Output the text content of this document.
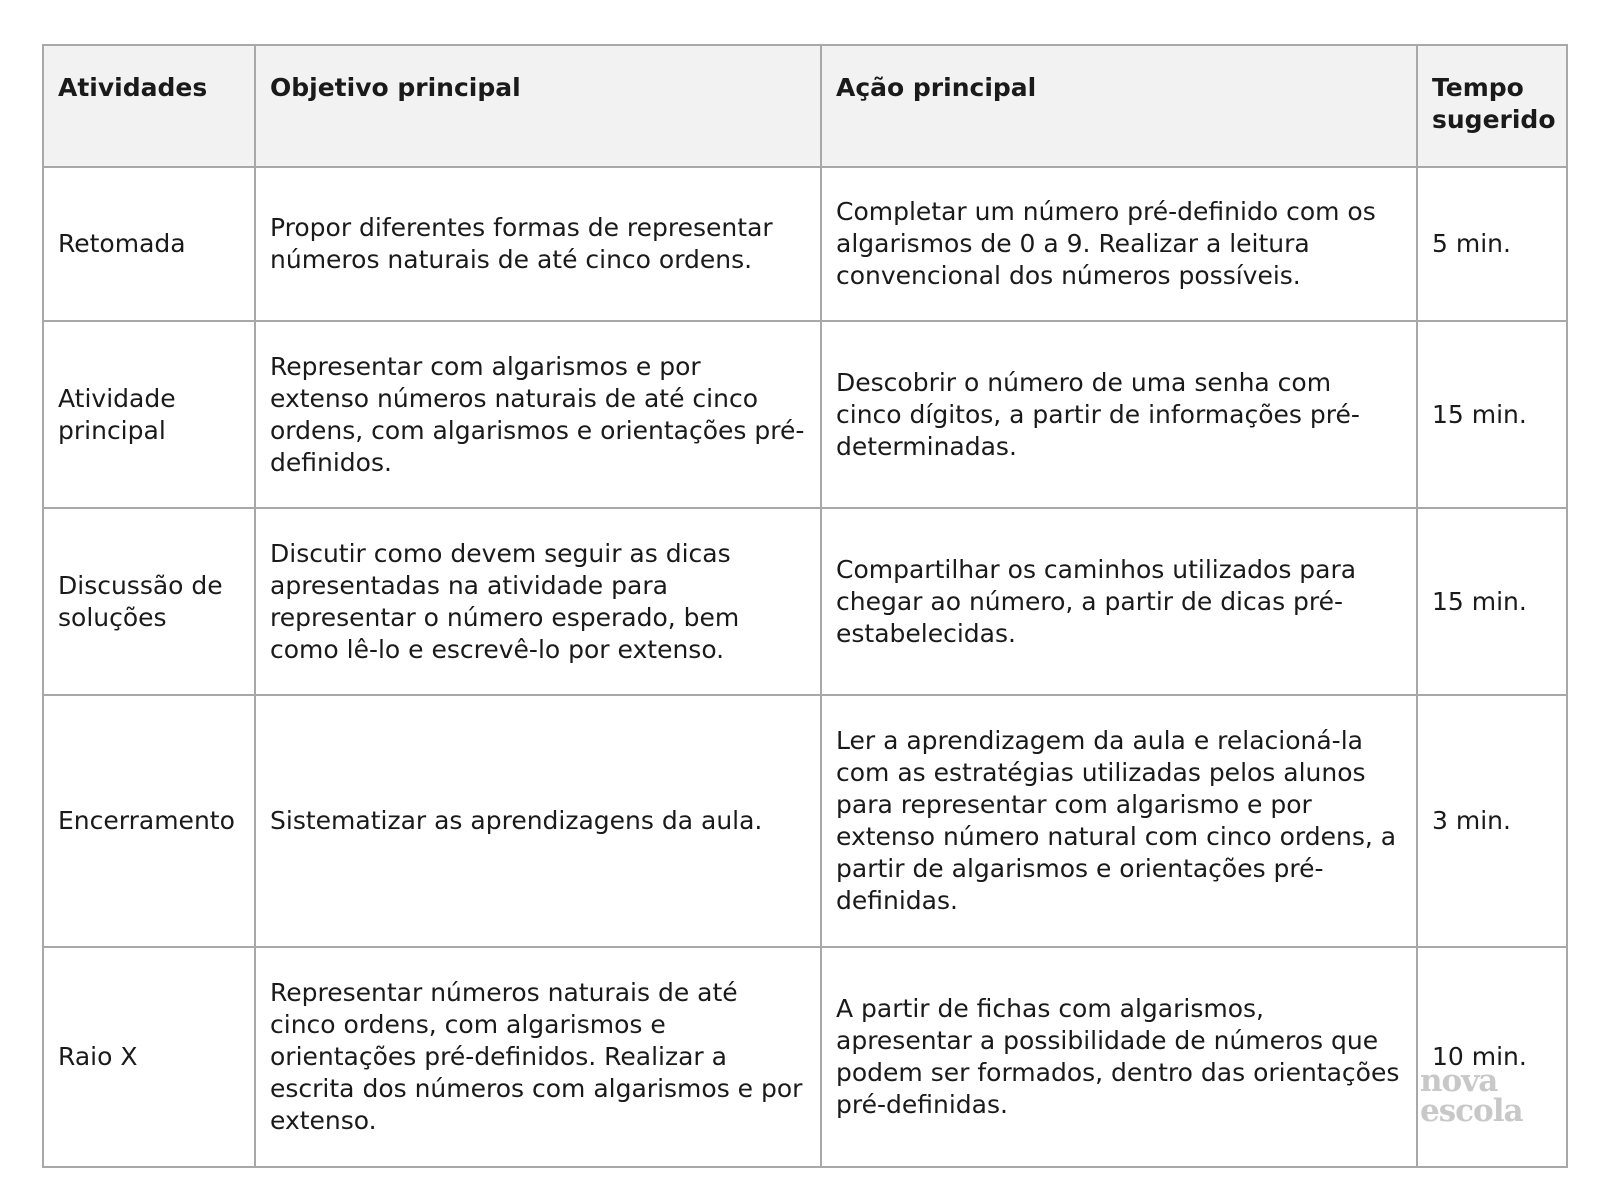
Atividades	Objetivo principal	Ação principal	Tempo
sugerido
Retomada	Propor diferentes formas de representar números naturais de até cinco ordens.	Completar um número pré-definido com os algarismos de 0 a 9. Realizar a leitura convencional dos números possíveis.	5 min.
Atividade principal	Representar com algarismos e por extenso números naturais de até cinco ordens, com algarismos e orientações pré-definidos.	Descobrir o número de uma senha com cinco dígitos, a partir de informações pré-determinadas.	15 min.
Discussão de soluções	Discutir como devem seguir as dicas apresentadas na atividade para representar o número esperado, bem como lê-lo e escrevê-lo por extenso.	Compartilhar os caminhos utilizados para chegar ao número, a partir de dicas pré-estabelecidas.	15 min.
Encerramento	Sistematizar as aprendizagens da aula.	Ler a aprendizagem da aula e relacioná-la com as estratégias utilizadas pelos alunos para representar com algarismo e por extenso número natural com cinco ordens, a partir de algarismos e orientações pré-definidas.	3 min.
Raio X	Representar números naturais de até cinco ordens, com algarismos e orientações pré-definidos. Realizar a escrita dos números com algarismos e por extenso.	A partir de fichas com algarismos, apresentar a possibilidade de números que podem ser formados, dentro das orientações pré-definidas.	10 min.
nova
escola
